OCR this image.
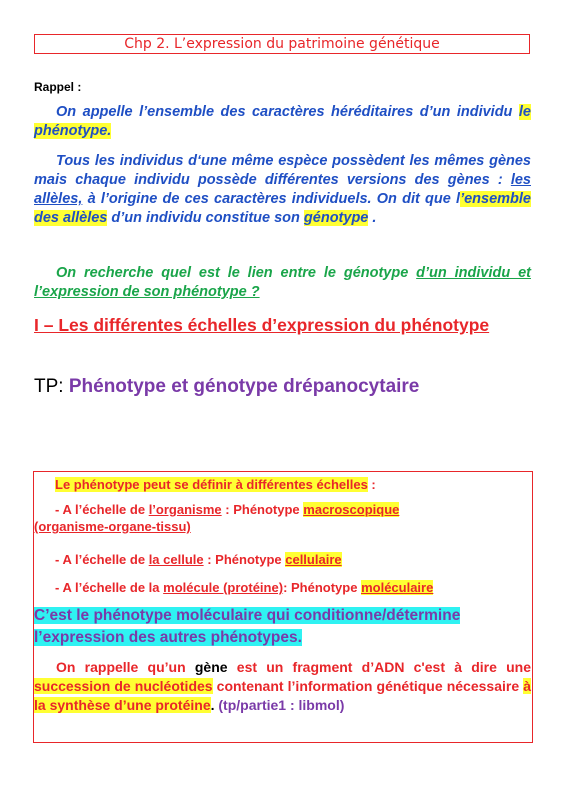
Chp 2. L’expression du patrimoine génétique
Rappel :
On appelle l’ensemble des caractères héréditaires d’un individu le phénotype.
Tous les individus d‘une même espèce possèdent les mêmes gènes mais chaque individu possède différentes versions des gènes : les allèles, à l’origine de ces caractères individuels. On dit que l’ensemble des allèles d’un individu constitue son génotype .
On recherche quel est le lien entre le génotype d’un individu et l’expression de son phénotype ?
I – Les différentes échelles d’expression du phénotype
TP: Phénotype et génotype drépanocytaire
Le phénotype peut se définir à différentes échelles :
- A l’échelle de l’organisme : Phénotype macroscopique
(organisme-organe-tissu)
- A l’échelle de la cellule : Phénotype cellulaire
- A l’échelle de la molécule (protéine): Phénotype moléculaire
C’est le phénotype moléculaire qui conditionne/détermine
l’expression des autres phénotypes.
On rappelle qu’un gène est un fragment d’ADN c'est à dire une succession de nucléotides contenant l’information génétique nécessaire à la synthèse d’une protéine. (tp/partie1 : libmol)
